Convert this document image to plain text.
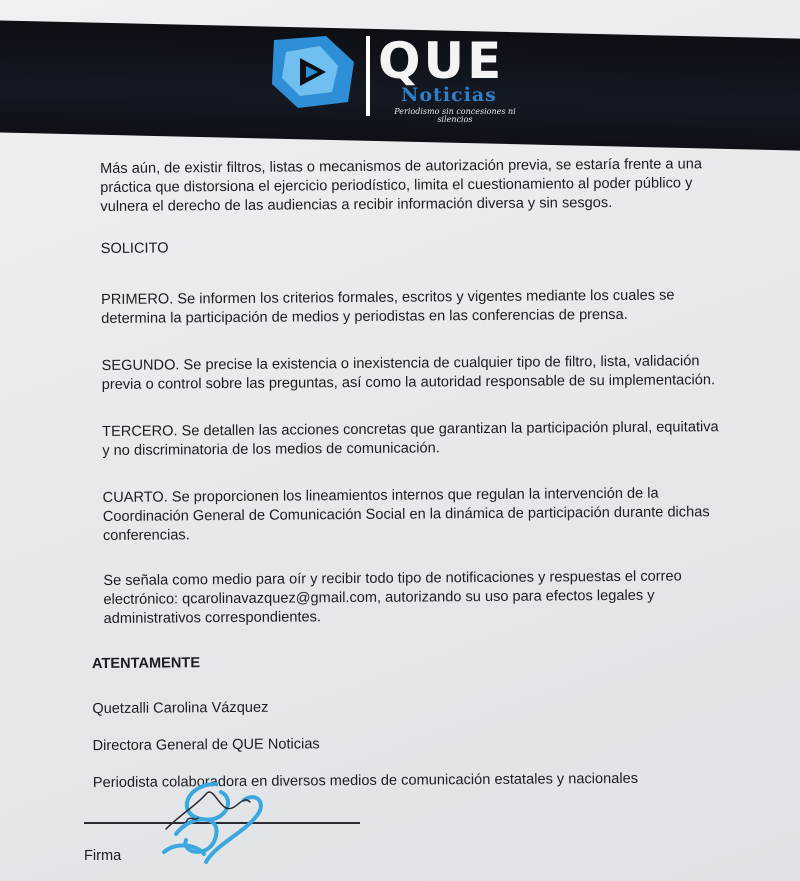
QUE
Noticias
Periodismo sin concesiones ni silencios

Más aún, de existir filtros, listas o mecanismos de autorización previa, se estaría frente a una práctica que distorsiona el ejercicio periodístico, limita el cuestionamiento al poder público y vulnera el derecho de las audiencias a recibir información diversa y sin sesgos.

SOLICITO

PRIMERO. Se informen los criterios formales, escritos y vigentes mediante los cuales se determina la participación de medios y periodistas en las conferencias de prensa.

SEGUNDO. Se precise la existencia o inexistencia de cualquier tipo de filtro, lista, validación previa o control sobre las preguntas, así como la autoridad responsable de su implementación.

TERCERO. Se detallen las acciones concretas que garantizan la participación plural, equitativa y no discriminatoria de los medios de comunicación.

CUARTO. Se proporcionen los lineamientos internos que regulan la intervención de la Coordinación General de Comunicación Social en la dinámica de participación durante dichas conferencias.

Se señala como medio para oír y recibir todo tipo de notificaciones y respuestas el correo electrónico: qcarolinavazquez@gmail.com, autorizando su uso para efectos legales y administrativos correspondientes.

ATENTAMENTE

Quetzalli Carolina Vázquez

Directora General de QUE Noticias

Periodista colaboradora en diversos medios de comunicación estatales y nacionales

Firma
